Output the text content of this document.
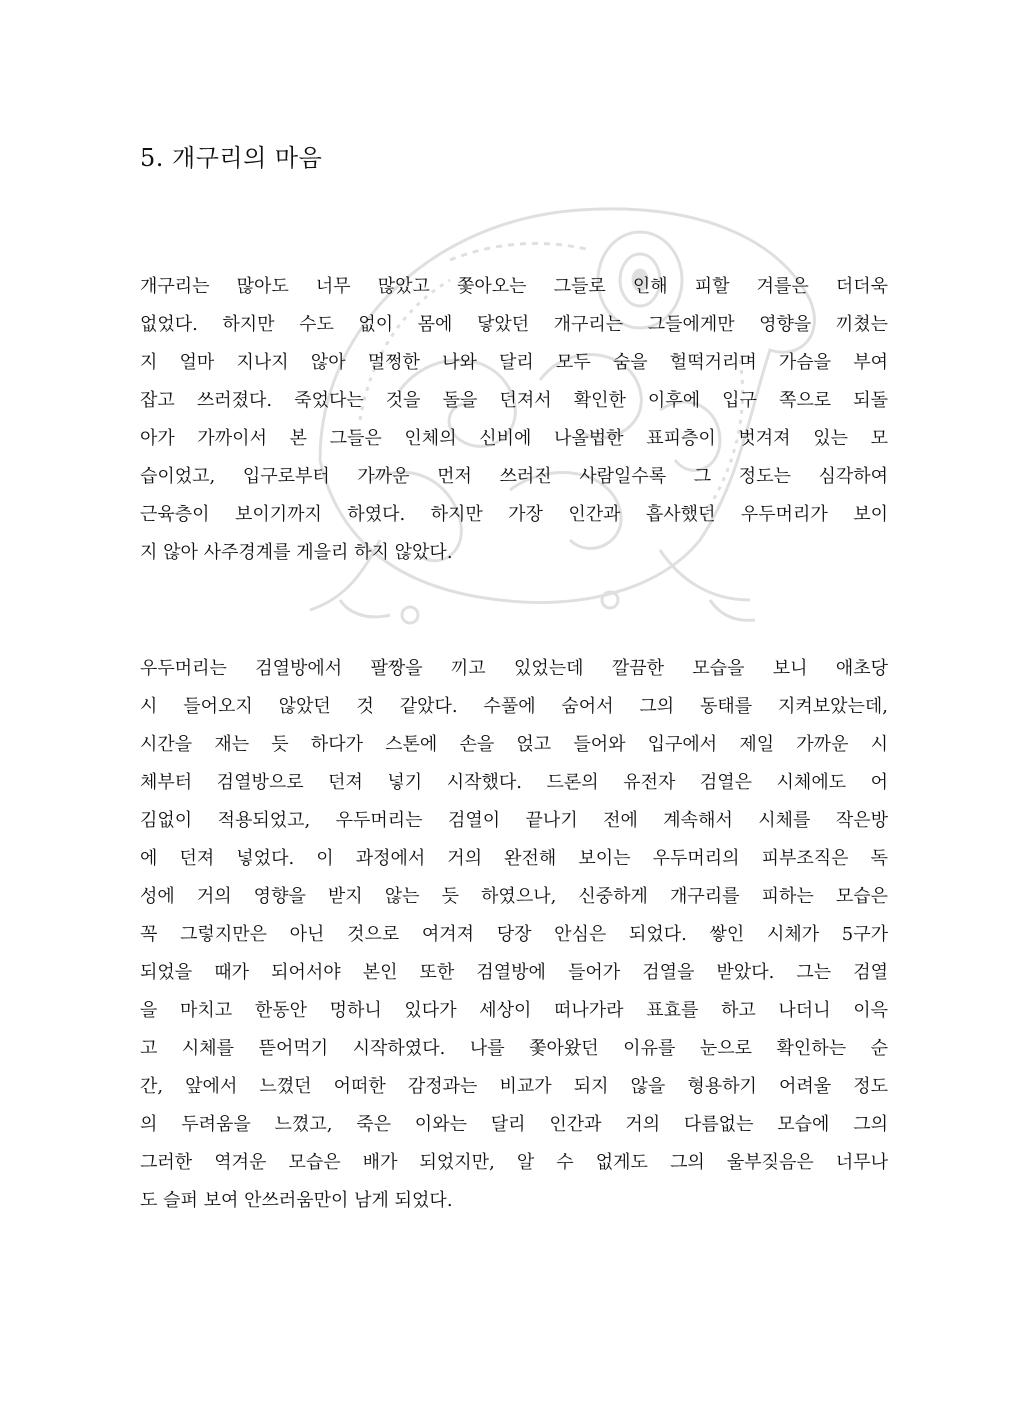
5. 개구리의 마음
개구리는 많아도 너무 많았고 쫓아오는 그들로 인해 피할 겨를은 더더욱
없었다. 하지만 수도 없이 몸에 닿았던 개구리는 그들에게만 영향을 끼쳤는
지 얼마 지나지 않아 멀쩡한 나와 달리 모두 숨을 헐떡거리며 가슴을 부여
잡고 쓰러졌다. 죽었다는 것을 돌을 던져서 확인한 이후에 입구 쪽으로 되돌
아가 가까이서 본 그들은 인체의 신비에 나올법한 표피층이 벗겨져 있는 모
습이었고, 입구로부터 가까운 먼저 쓰러진 사람일수록 그 정도는 심각하여
근육층이 보이기까지 하였다. 하지만 가장 인간과 흡사했던 우두머리가 보이
지 않아 사주경계를 게을리 하지 않았다.
우두머리는 검열방에서 팔짱을 끼고 있었는데 깔끔한 모습을 보니 애초당
시 들어오지 않았던 것 같았다. 수풀에 숨어서 그의 동태를 지켜보았는데,
시간을 재는 듯 하다가 스톤에 손을 얹고 들어와 입구에서 제일 가까운 시
체부터 검열방으로 던져 넣기 시작했다. 드론의 유전자 검열은 시체에도 어
김없이 적용되었고, 우두머리는 검열이 끝나기 전에 계속해서 시체를 작은방
에 던져 넣었다. 이 과정에서 거의 완전해 보이는 우두머리의 피부조직은 독
성에 거의 영향을 받지 않는 듯 하였으나, 신중하게 개구리를 피하는 모습은
꼭 그렇지만은 아닌 것으로 여겨져 당장 안심은 되었다. 쌓인 시체가 5구가
되었을 때가 되어서야 본인 또한 검열방에 들어가 검열을 받았다. 그는 검열
을 마치고 한동안 멍하니 있다가 세상이 떠나가라 표효를 하고 나더니 이윽
고 시체를 뜯어먹기 시작하였다. 나를 쫓아왔던 이유를 눈으로 확인하는 순
간, 앞에서 느꼈던 어떠한 감정과는 비교가 되지 않을 형용하기 어려울 정도
의 두려움을 느꼈고, 죽은 이와는 달리 인간과 거의 다름없는 모습에 그의
그러한 역겨운 모습은 배가 되었지만, 알 수 없게도 그의 울부짖음은 너무나
도 슬퍼 보여 안쓰러움만이 남게 되었다.
